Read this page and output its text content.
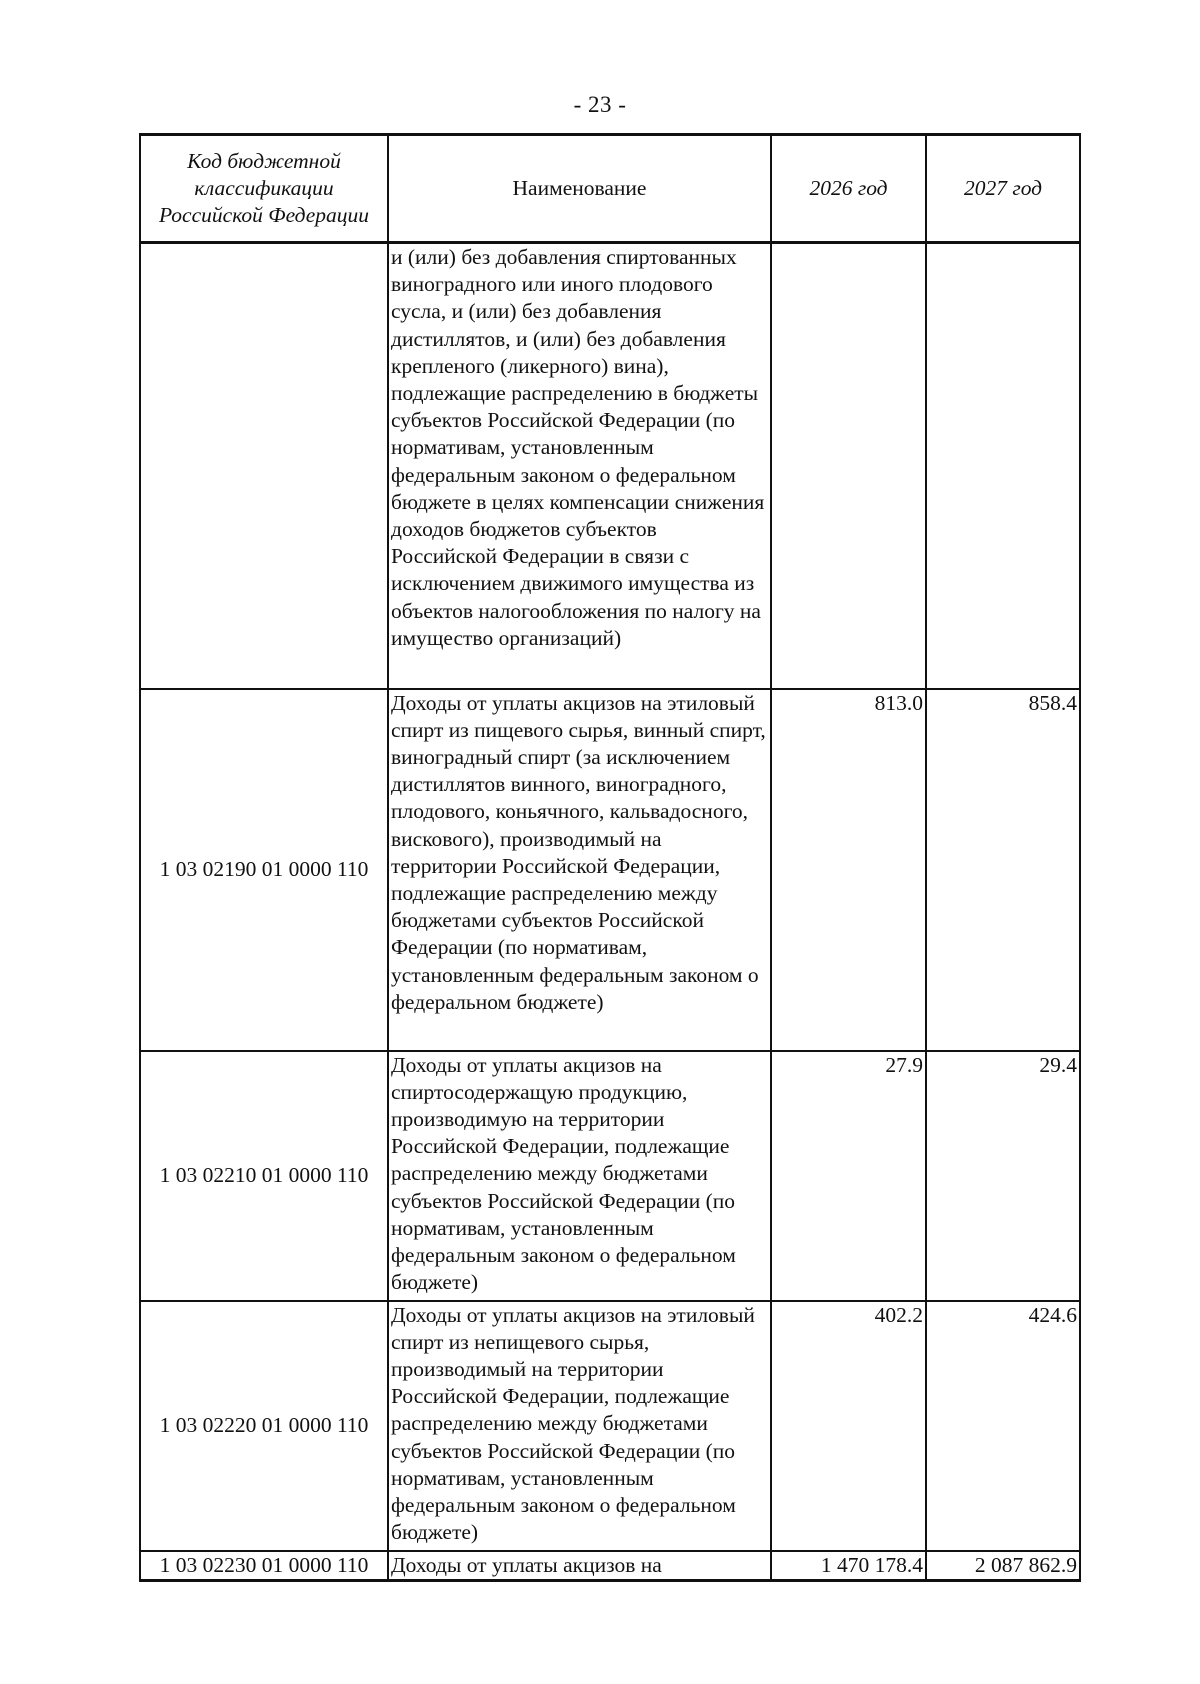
- 23 -
Код бюджетной классификации Российской Федерации	Наименование	2026 год	2027 год
	и (или) без добавления спиртованных виноградного или иного плодового сусла, и (или) без добавления дистиллятов, и (или) без добавления крепленого (ликерного) вина), подлежащие распределению в бюджеты субъектов Российской Федерации (по нормативам, установленным федеральным законом о федеральном бюджете в целях компенсации снижения доходов бюджетов субъектов Российской Федерации в связи с исключением движимого имущества из объектов налогообложения по налогу на имущество организаций)		
1 03 02190 01 0000 110	Доходы от уплаты акцизов на этиловый спирт из пищевого сырья, винный спирт, виноградный спирт (за исключением дистиллятов винного, виноградного, плодового, коньячного, кальвадосного, вискового), производимый на территории Российской Федерации, подлежащие распределению между бюджетами субъектов Российской Федерации (по нормативам, установленным федеральным законом о федеральном бюджете)	813.0	858.4
1 03 02210 01 0000 110	Доходы от уплаты акцизов на спиртосодержащую продукцию, производимую на территории Российской Федерации, подлежащие распределению между бюджетами субъектов Российской Федерации (по нормативам, установленным федеральным законом о федеральном бюджете)	27.9	29.4
1 03 02220 01 0000 110	Доходы от уплаты акцизов на этиловый спирт из непищевого сырья, производимый на территории Российской Федерации, подлежащие распределению между бюджетами субъектов Российской Федерации (по нормативам, установленным федеральным законом о федеральном бюджете)	402.2	424.6
1 03 02230 01 0000 110	Доходы от уплаты акцизов на	1 470 178.4	2 087 862.9
